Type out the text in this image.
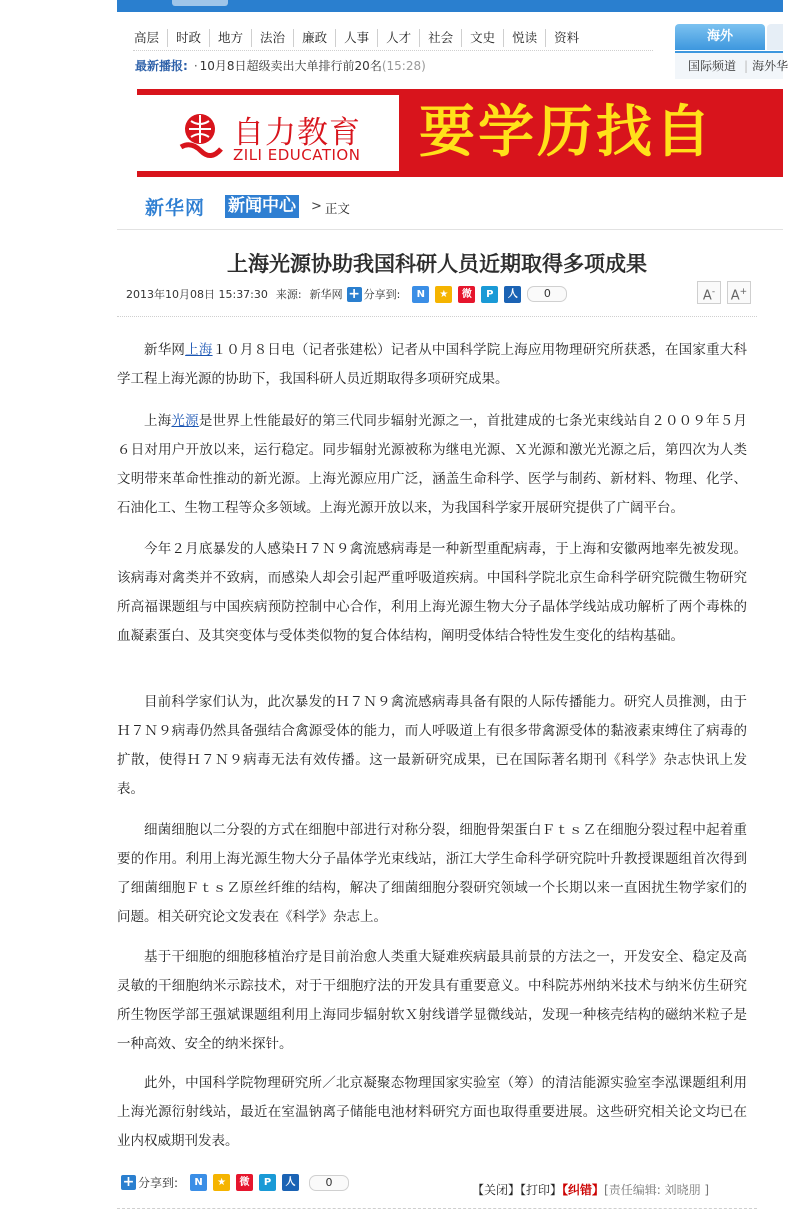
高层	时政	地方	法治	廉政	人事	人才	社会	文史	悦读	资料
最新播报: · 10月8日超级卖出大单排行前20名(15:28)
海外
国际频道 | 海外华
自力教育
ZILI EDUCATION 要学历找自
新华网 新闻中心 > 正文
上海光源协助我国科研人员近期取得多项成果
2013年10月08日 15:37:30 来源: 新华网 + 分享到:	N	★	微	P	人	0	A-	A+

新华网上海１０月８日电（记者张建松）记者从中国科学院上海应用物理研究所获悉，在国家重大科学工程上海光源的协助下，我国科研人员近期取得多项研究成果。

上海光源是世界上性能最好的第三代同步辐射光源之一，首批建成的七条光束线站自２００９年５月６日对用户开放以来，运行稳定。同步辐射光源被称为继电光源、Ｘ光源和激光光源之后，第四次为人类文明带来革命性推动的新光源。上海光源应用广泛，涵盖生命科学、医学与制药、新材料、物理、化学、石油化工、生物工程等众多领域。上海光源开放以来，为我国科学家开展研究提供了广阔平台。

今年２月底暴发的人感染Ｈ７Ｎ９禽流感病毒是一种新型重配病毒，于上海和安徽两地率先被发现。该病毒对禽类并不致病，而感染人却会引起严重呼吸道疾病。中国科学院北京生命科学研究院微生物研究所高福课题组与中国疾病预防控制中心合作，利用上海光源生物大分子晶体学线站成功解析了两个毒株的血凝素蛋白、及其突变体与受体类似物的复合体结构，阐明受体结合特性发生变化的结构基础。

目前科学家们认为，此次暴发的Ｈ７Ｎ９禽流感病毒具备有限的人际传播能力。研究人员推测，由于Ｈ７Ｎ９病毒仍然具备强结合禽源受体的能力，而人呼吸道上有很多带禽源受体的黏液素束缚住了病毒的扩散，使得Ｈ７Ｎ９病毒无法有效传播。这一最新研究成果，已在国际著名期刊《科学》杂志快讯上发表。

细菌细胞以二分裂的方式在细胞中部进行对称分裂，细胞骨架蛋白ＦｔｓＺ在细胞分裂过程中起着重要的作用。利用上海光源生物大分子晶体学光束线站，浙江大学生命科学研究院叶升教授课题组首次得到了细菌细胞ＦｔｓＺ原丝纤维的结构，解决了细菌细胞分裂研究领域一个长期以来一直困扰生物学家们的问题。相关研究论文发表在《科学》杂志上。

基于干细胞的细胞移植治疗是目前治愈人类重大疑难疾病最具前景的方法之一，开发安全、稳定及高灵敏的干细胞纳米示踪技术，对于干细胞疗法的开发具有重要意义。中科院苏州纳米技术与纳米仿生研究所生物医学部王强斌课题组利用上海同步辐射软Ｘ射线谱学显微线站，发现一种核壳结构的磁纳米粒子是一种高效、安全的纳米探针。

此外，中国科学院物理研究所／北京凝聚态物理国家实验室（筹）的清洁能源实验室李泓课题组利用上海光源衍射线站，最近在室温钠离子储能电池材料研究方面也取得重要进展。这些研究相关论文均已在业内权威期刊发表。

+ 分享到:	N	★	微	P	人	0
【关闭】【打印】【纠错】[责任编辑: 刘晓朋 ]
